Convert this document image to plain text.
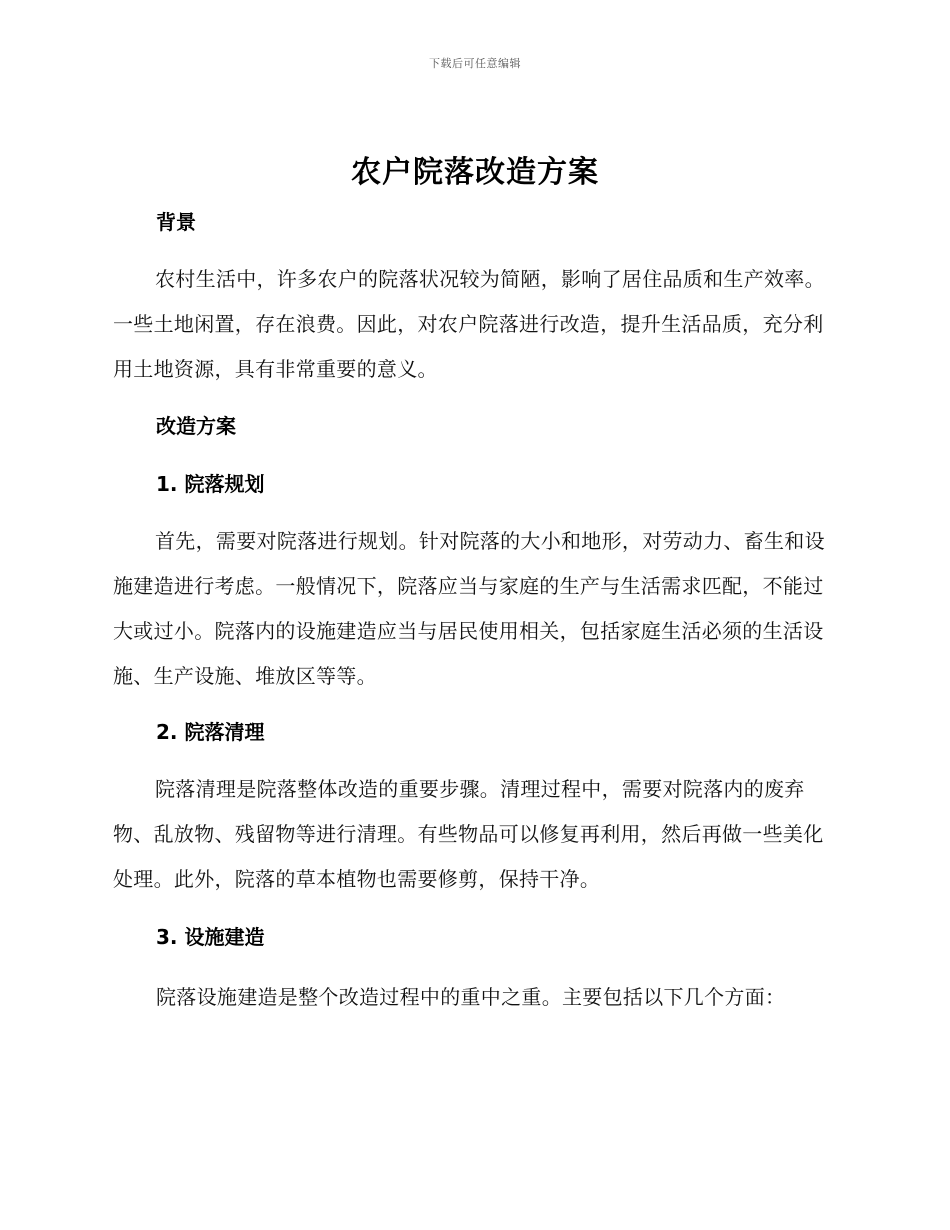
下载后可任意编辑
农户院落改造方案
背景

农村生活中，许多农户的院落状况较为简陋，影响了居住品质和生产效率。一些土地闲置，存在浪费。因此，对农户院落进行改造，提升生活品质，充分利用土地资源，具有非常重要的意义。

改造方案
1. 院落规划

首先，需要对院落进行规划。针对院落的大小和地形，对劳动力、畜生和设施建造进行考虑。一般情况下，院落应当与家庭的生产与生活需求匹配，不能过大或过小。院落内的设施建造应当与居民使用相关，包括家庭生活必须的生活设施、生产设施、堆放区等等。

2. 院落清理

院落清理是院落整体改造的重要步骤。清理过程中，需要对院落内的废弃物、乱放物、残留物等进行清理。有些物品可以修复再利用，然后再做一些美化处理。此外，院落的草本植物也需要修剪，保持干净。

3. 设施建造
院落设施建造是整个改造过程中的重中之重。主要包括以下几个方面：
